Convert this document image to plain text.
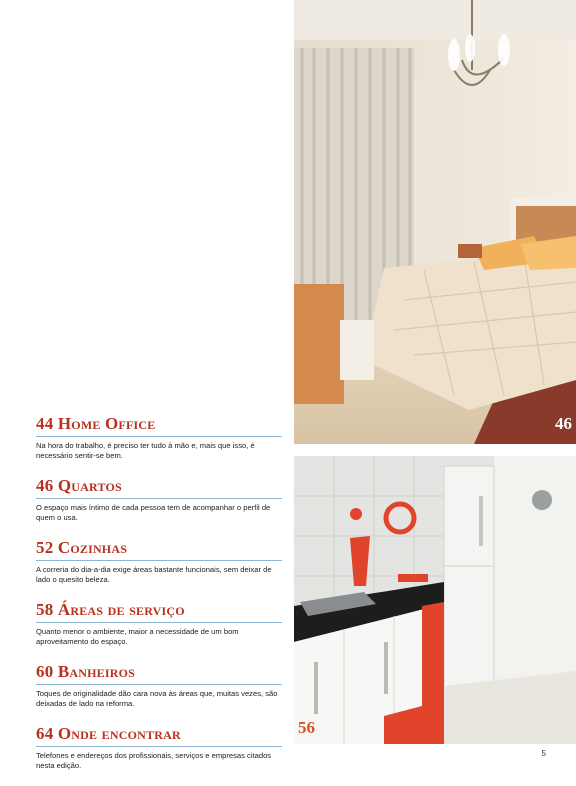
46
56
44 Home Office
Na hora do trabalho, é preciso ter tudo à mão e, mais que isso, é necessário sentir-se bem.
46 Quartos
O espaço mais íntimo de cada pessoa tem de acompanhar o perfil de quem o usa.
52 Cozinhas
A correria do dia-a-dia exige áreas bastante funcionais, sem deixar de lado o quesito beleza.
58 Áreas de serviço
Quanto menor o ambiente, maior a necessidade de um bom aproveitamento do espaço.
60 Banheiros
Toques de originalidade dão cara nova às áreas que, muitas vezes, são deixadas de lado na reforma.
64 Onde encontrar
Telefones e endereços dos profissionais, serviços e empresas citados nesta edição.
5
